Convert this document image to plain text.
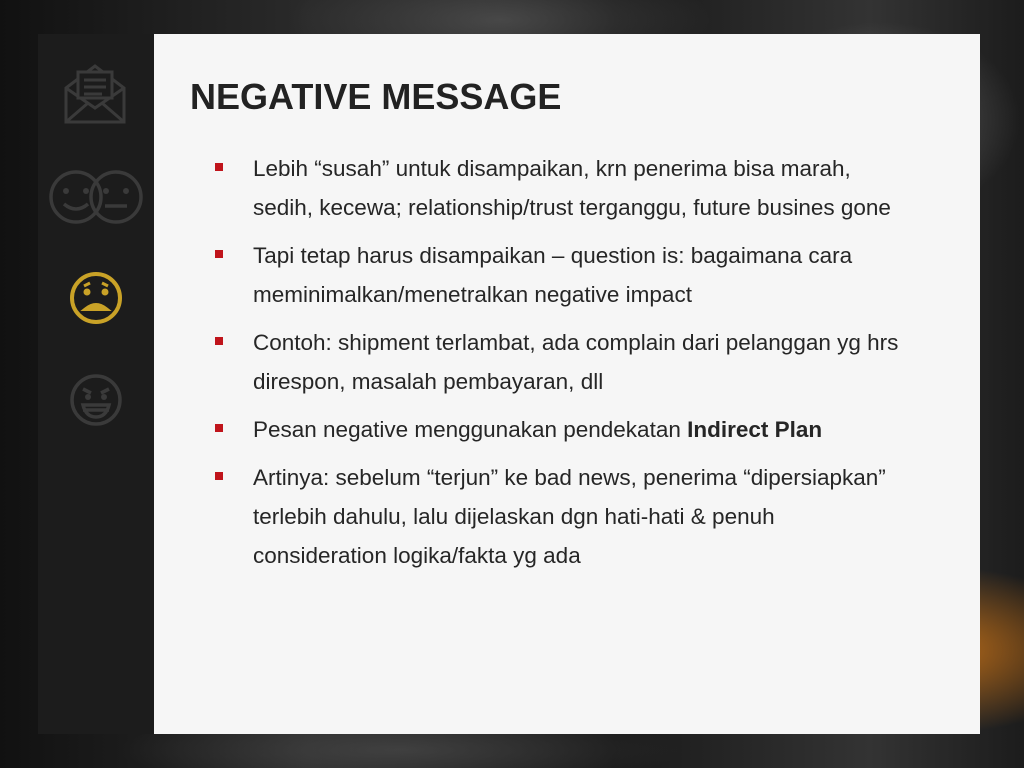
NEGATIVE MESSAGE
Lebih “susah” untuk disampaikan, krn penerima bisa marah, sedih, kecewa; relationship/trust terganggu, future busines gone
Tapi tetap harus disampaikan – question is: bagaimana cara meminimalkan/menetralkan negative impact
Contoh: shipment terlambat, ada complain dari pelanggan yg hrs direspon, masalah pembayaran, dll
Pesan negative menggunakan pendekatan Indirect Plan
Artinya: sebelum “terjun” ke bad news, penerima “dipersiapkan” terlebih dahulu, lalu dijelaskan dgn hati-hati & penuh consideration logika/fakta yg ada
